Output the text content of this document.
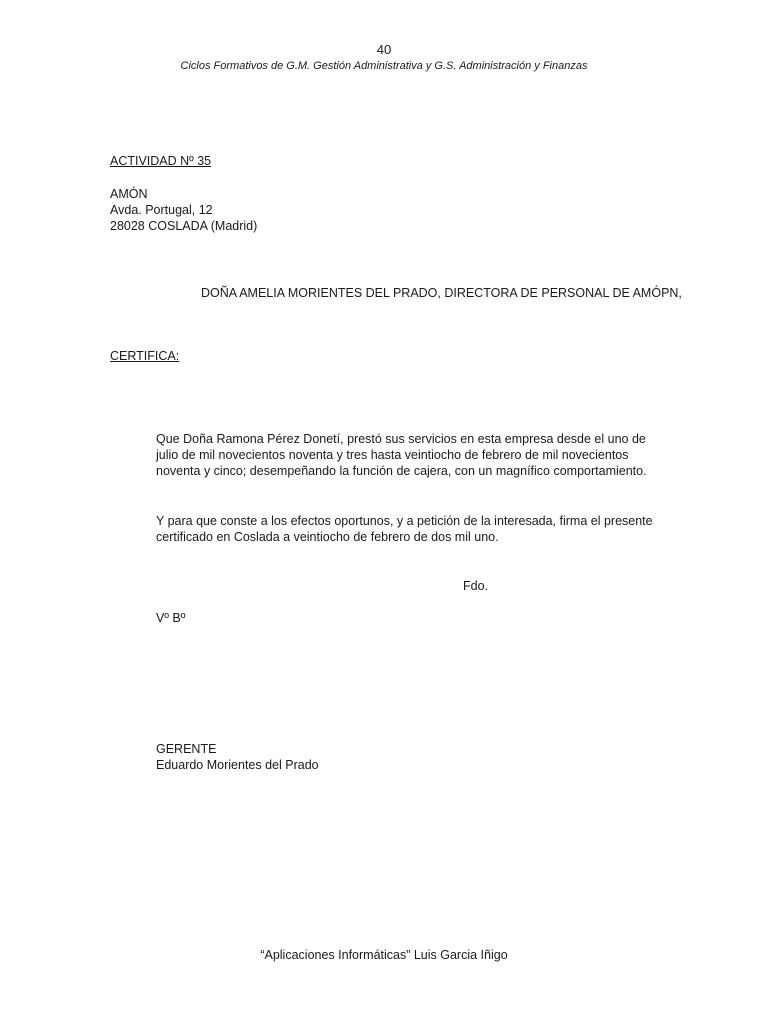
40
Ciclos Formativos de G.M. Gestión Administrativa y G.S. Administración y Finanzas
ACTIVIDAD Nº 35
AMÓN
Avda. Portugal, 12
28028 COSLADA (Madrid)
DOÑA AMELIA MORIENTES DEL PRADO, DIRECTORA DE PERSONAL DE AMÓPN,
CERTIFICA:
Que Doña Ramona Pérez Donetí, prestó sus servicios en esta empresa desde el uno de julio de mil novecientos noventa y tres hasta veintiocho de febrero de mil novecientos noventa y cinco; desempeñando la función de cajera, con un magnífico comportamiento.
Y para que conste a los efectos oportunos, y a petición de la interesada, firma el presente certificado en Coslada a veintiocho de febrero de dos mil uno.
Fdo.
Vº Bº
GERENTE
Eduardo Morientes del Prado
“Aplicaciones Informáticas” Luis Garcia Iñigo
